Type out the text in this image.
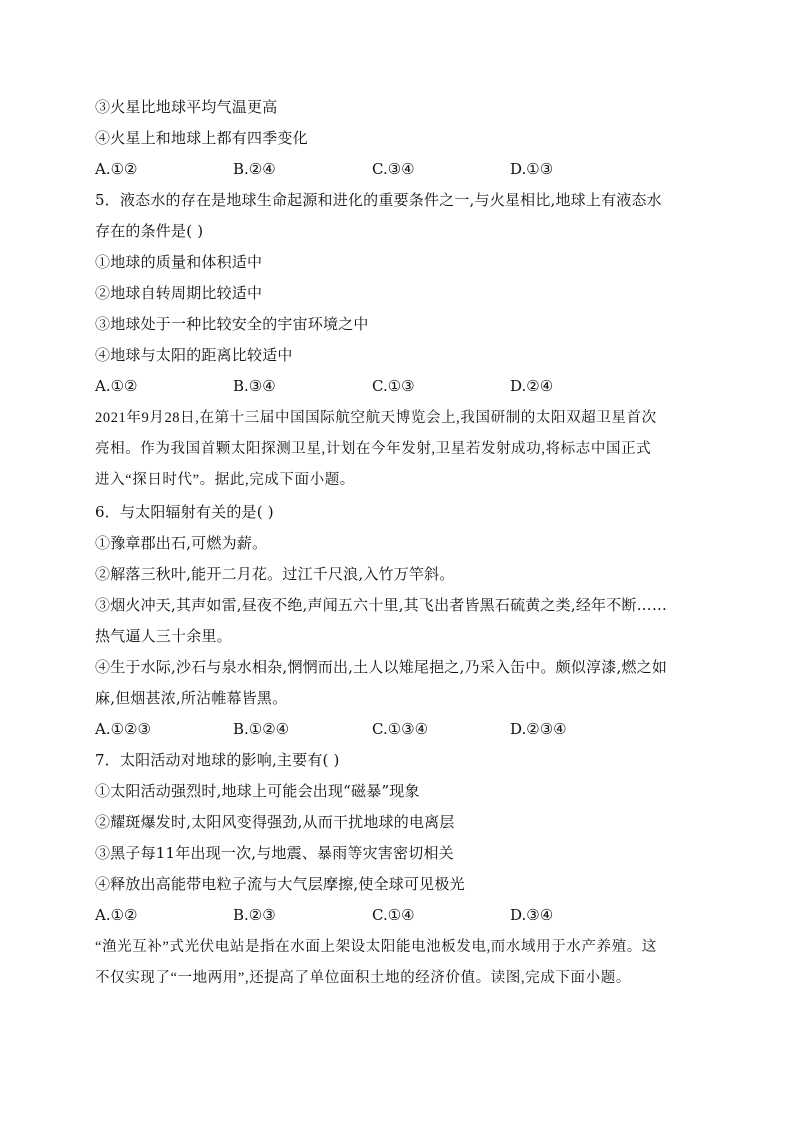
③火星比地球平均气温更高
④火星上和地球上都有四季变化
A.①②	B.②④	C.③④	D.①③
5．液态水的存在是地球生命起源和进化的重要条件之一,与火星相比,地球上有液态水
存在的条件是( )
①地球的质量和体积适中
②地球自转周期比较适中
③地球处于一种比较安全的宇宙环境之中
④地球与太阳的距离比较适中
A.①②	B.③④	C.①③	D.②④
2021年9月28日,在第十三届中国国际航空航天博览会上,我国研制的太阳双超卫星首次
亮相。作为我国首颗太阳探测卫星,计划在今年发射,卫星若发射成功,将标志中国正式
进入“探日时代”。据此,完成下面小题。
6．与太阳辐射有关的是( )
①豫章郡出石,可燃为薪。
②解落三秋叶,能开二月花。过江千尺浪,入竹万竿斜。
③烟火冲天,其声如雷,昼夜不绝,声闻五六十里,其飞出者皆黑石硫黄之类,经年不断……
热气逼人三十余里。
④生于水际,沙石与泉水相杂,惘惘而出,土人以雉尾挹之,乃采入缶中。颇似淳漆,燃之如
麻,但烟甚浓,所沾帷幕皆黑。
A.①②③	B.①②④	C.①③④	D.②③④
7．太阳活动对地球的影响,主要有( )
①太阳活动强烈时,地球上可能会出现“磁暴”现象
②耀斑爆发时,太阳风变得强劲,从而干扰地球的电离层
③黑子每11年出现一次,与地震、暴雨等灾害密切相关
④释放出高能带电粒子流与大气层摩擦,使全球可见极光
A.①②	B.②③	C.①④	D.③④
“渔光互补”式光伏电站是指在水面上架设太阳能电池板发电,而水域用于水产养殖。这
不仅实现了“一地两用”,还提高了单位面积土地的经济价值。读图,完成下面小题。
